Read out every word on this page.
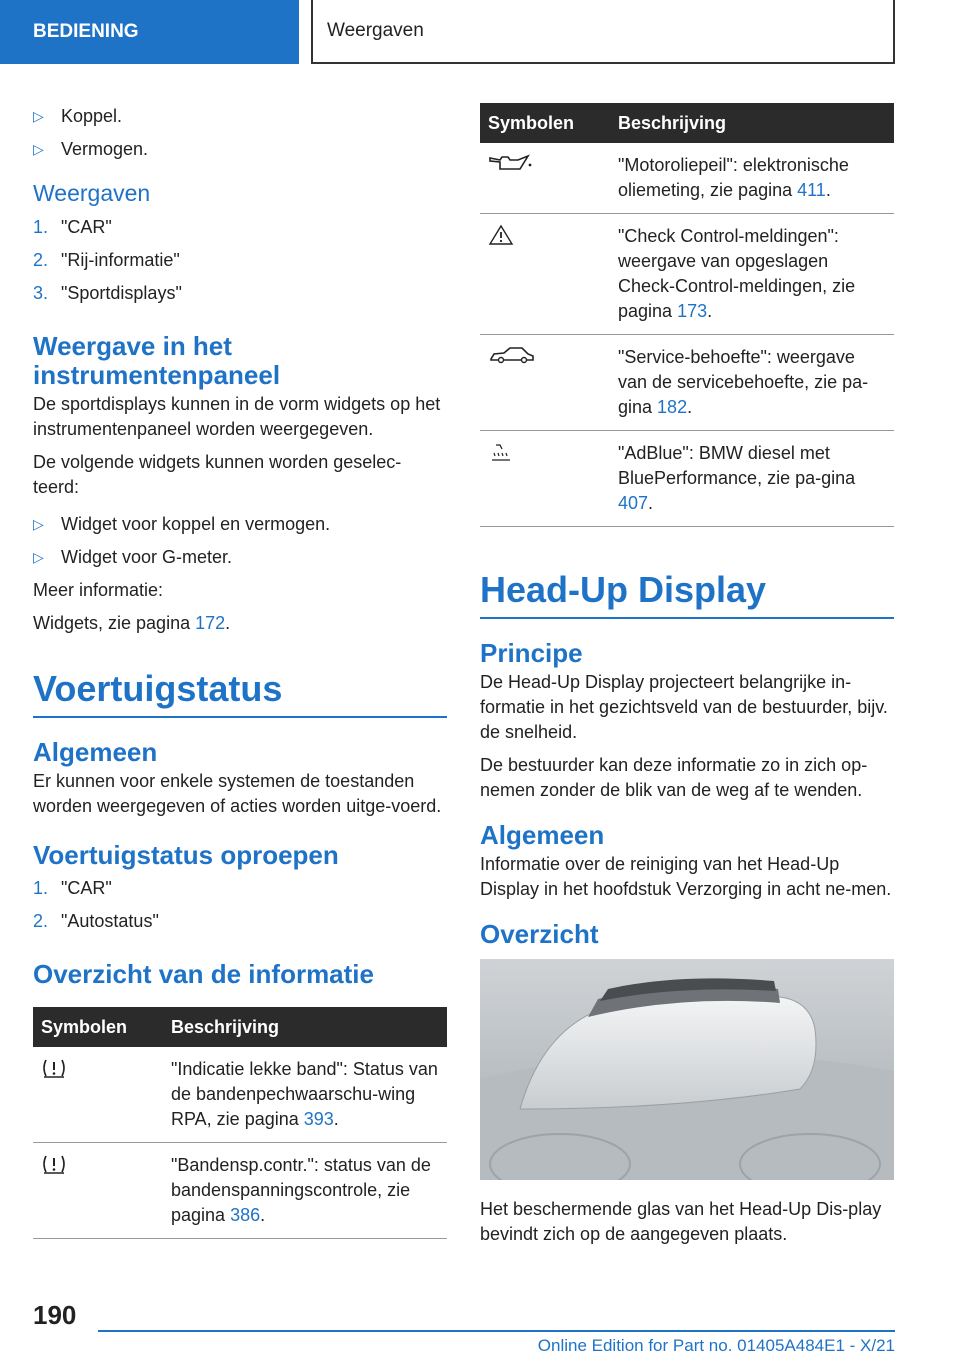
BEDIENING	Weergaven
▷ Koppel.
▷ Vermogen.
Weergaven
1. "CAR"
2. "Rij-informatie"
3. "Sportdisplays"
Weergave in het instrumentenpaneel

De sportdisplays kunnen in de vorm widgets op het instrumentenpaneel worden weergegeven.

De volgende widgets kunnen worden geselec-teerd:

▷ Widget voor koppel en vermogen.
▷ Widget voor G-meter.

Meer informatie:

Widgets, zie pagina 172.

Voertuigstatus
Algemeen

Er kunnen voor enkele systemen de toestanden worden weergegeven of acties worden uitge-voerd.

Voertuigstatus oproepen
1. "CAR"
2. "Autostatus"
Overzicht van de informatie
Symbolen	Beschrijving
	"Indicatie lekke band": Status van de bandenpechwaarschu-wing RPA, zie pagina 393.
	"Bandensp.contr.": status van de bandenspanningscontrole, zie pagina 386.
Symbolen	Beschrijving
	"Motoroliepeil": elektronische oliemeting, zie pagina 411.
	"Check Control-meldingen": weergave van opgeslagen Check-Control-meldingen, zie pagina 173.
	"Service-behoefte": weergave van de servicebehoefte, zie pa-gina 182.
	"AdBlue": BMW diesel met BluePerformance, zie pa-gina 407.
Head-Up Display
Principe

De Head-Up Display projecteert belangrijke in-formatie in het gezichtsveld van de bestuurder, bijv. de snelheid.

De bestuurder kan deze informatie zo in zich op-nemen zonder de blik van de weg af te wenden.

Algemeen

Informatie over de reiniging van het Head-Up Display in het hoofdstuk Verzorging in acht ne-men.

Overzicht

Het beschermende glas van het Head-Up Dis-play bevindt zich op de aangegeven plaats.

190
Online Edition for Part no. 01405A484E1 - X/21
